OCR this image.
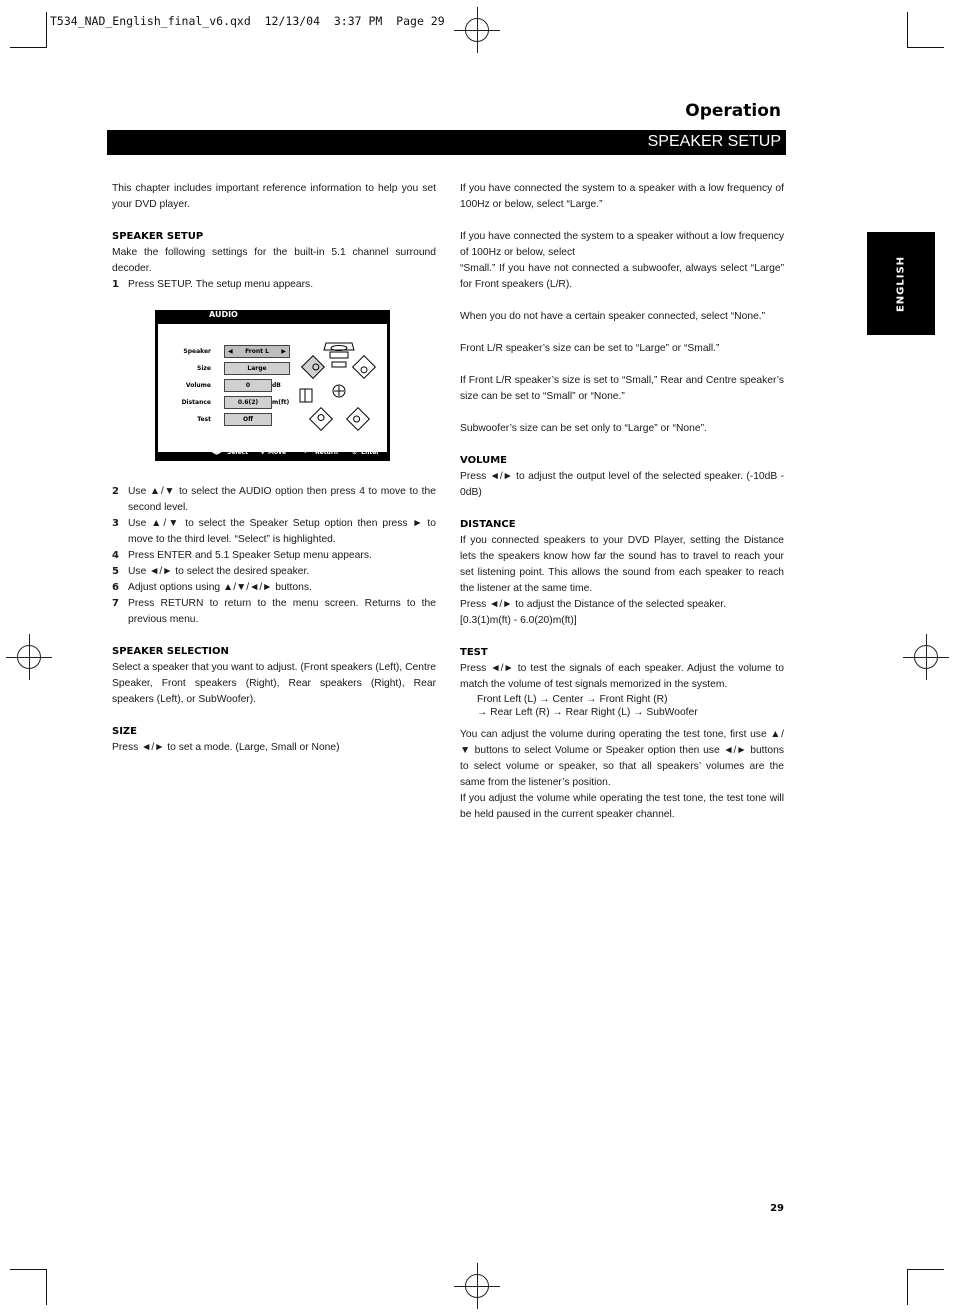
T534_NAD_English_final_v6.qxd  12/13/04  3:37 PM  Page 29
Operation
SPEAKER SETUP
ENGLISH

This chapter includes important reference information to help you set your DVD player.

SPEAKER SETUP

Make the following settings for the built-in 5.1 channel surround decoder.

1 Press SETUP. The setup menu appears.
AUDIO
Speaker	◀ Front L ▶
Size	Large
Volume	0	dB
Distance	0.6(2)	m(ft)
Test	Off
◀▶ Select ⬍ Move	↶ Return ⊙ Enter
2 Use ▲/▼ to select the AUDIO option then press 4 to move to the second level.
3 Use ▲/▼ to select the Speaker Setup option then press ► to move to the third level. “Select” is highlighted.
4 Press ENTER and 5.1 Speaker Setup menu appears.
5 Use ◄/► to select the desired speaker.
6 Adjust options using ▲/▼/◄/► buttons.
7 Press RETURN to return to the menu screen. Returns to the previous menu.
SPEAKER SELECTION

Select a speaker that you want to adjust. (Front speakers (Left), Centre Speaker, Front speakers (Right), Rear speakers (Right), Rear speakers (Left), or SubWoofer).

SIZE

Press ◄/► to set a mode. (Large, Small or None)

If you have connected the system to a speaker with a low frequency of 100Hz or below, select “Large.”

If you have connected the system to a speaker without a low frequency of 100Hz or below, select

“Small.” If you have not connected a subwoofer, always select “Large” for Front speakers (L/R).

When you do not have a certain speaker connected, select “None.”

Front L/R speaker’s size can be set to “Large” or “Small.”

If Front L/R speaker’s size is set to “Small,” Rear and Centre speaker’s size can be set to “Small” or “None.”

Subwoofer’s size can be set only to “Large” or “None”.

VOLUME

Press ◄/► to adjust the output level of the selected speaker. (-10dB - 0dB)

DISTANCE

If you connected speakers to your DVD Player, setting the Distance lets the speakers know how far the sound has to travel to reach your set listening point. This allows the sound from each speaker to reach the listener at the same time.

Press ◄/► to adjust the Distance of the selected speaker.

[0.3(1)m(ft) - 6.0(20)m(ft)]

TEST

Press ◄/► to test the signals of each speaker. Adjust the volume to match the volume of test signals memorized in the system.

Front Left (L) → Center → Front Right (R)
→ Rear Left (R) → Rear Right (L) → SubWoofer

You can adjust the volume during operating the test tone, first use ▲/▼ buttons to select Volume or Speaker option then use ◄/► buttons to select volume or speaker, so that all speakers’ volumes are the same from the listener’s position.

If you adjust the volume while operating the test tone, the test tone will be held paused in the current speaker channel.

29
